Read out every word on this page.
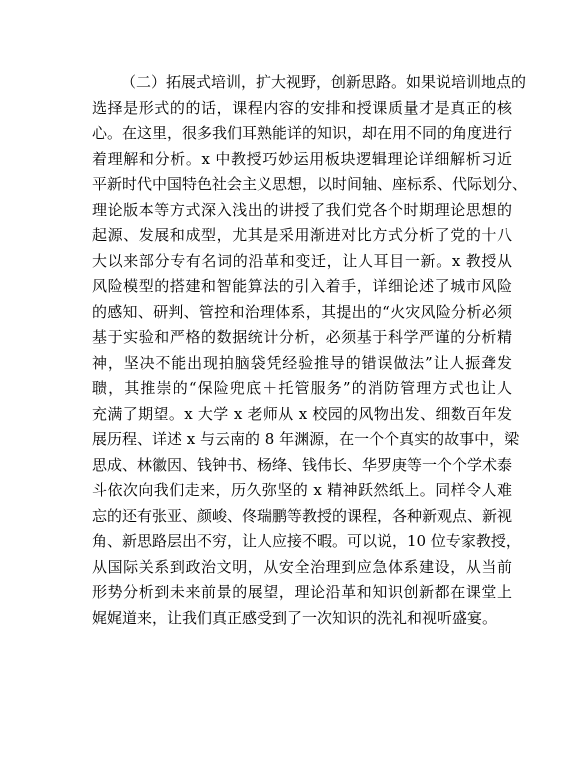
（二）拓展式培训，扩大视野，创新思路。如果说培训地点的
选择是形式的的话，课程内容的安排和授课质量才是真正的核
心。在这里，很多我们耳熟能详的知识，却在用不同的角度进行
着理解和分析。x 中教授巧妙运用板块逻辑理论详细解析习近
平新时代中国特色社会主义思想，以时间轴、座标系、代际划分、
理论版本等方式深入浅出的讲授了我们党各个时期理论思想的
起源、发展和成型，尤其是采用渐进对比方式分析了党的十八
大以来部分专有名词的沿革和变迁，让人耳目一新。x 教授从
风险模型的搭建和智能算法的引入着手，详细论述了城市风险
的感知、研判、管控和治理体系，其提出的“火灾风险分析必须
基于实验和严格的数据统计分析，必须基于科学严谨的分析精
神，坚决不能出现拍脑袋凭经验推导的错误做法”让人振聋发
聩，其推崇的“保险兜底＋托管服务”的消防管理方式也让人
充满了期望。x 大学 x 老师从 x 校园的风物出发、细数百年发
展历程、详述 x 与云南的 8 年渊源，在一个个真实的故事中，梁
思成、林徽因、钱钟书、杨绛、钱伟长、华罗庚等一个个学术泰
斗依次向我们走来，历久弥坚的 x 精神跃然纸上。同样令人难
忘的还有张亚、颜峻、佟瑞鹏等教授的课程，各种新观点、新视
角、新思路层出不穷，让人应接不暇。可以说，10 位专家教授，
从国际关系到政治文明，从安全治理到应急体系建设，从当前
形势分析到未来前景的展望，理论沿革和知识创新都在课堂上
娓娓道来，让我们真正感受到了一次知识的洗礼和视听盛宴。
